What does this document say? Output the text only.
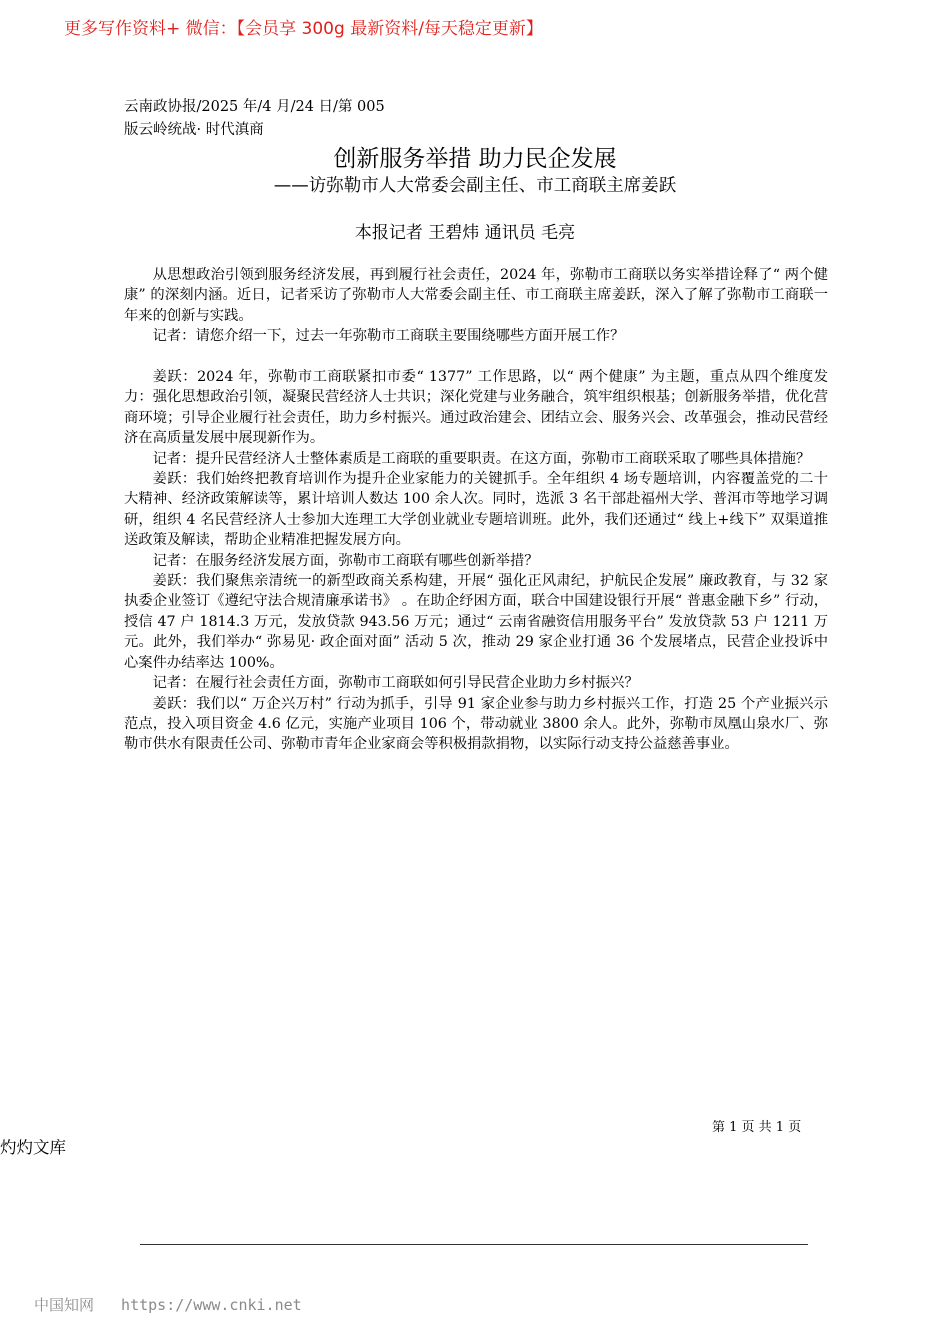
更多写作资料+ 微信：【会员享 300g 最新资料/每天稳定更新】
云南政协报/2025 年/4 月/24 日/第 005
版云岭统战· 时代滇商
创新服务举措 助力民企发展
——访弥勒市人大常委会副主任、市工商联主席姜跃
本报记者 王碧炜 通讯员 毛亮

从思想政治引领到服务经济发展，再到履行社会责任，2024 年，弥勒市工商联以务实举措诠释了“ 两个健康” 的深刻内涵。近日，记者采访了弥勒市人大常委会副主任、市工商联主席姜跃，深入了解了弥勒市工商联一年来的创新与实践。

记者：请您介绍一下，过去一年弥勒市工商联主要围绕哪些方面开展工作？

姜跃：2024 年，弥勒市工商联紧扣市委“ 1377” 工作思路，以“ 两个健康” 为主题，重点从四个维度发力：强化思想政治引领，凝聚民营经济人士共识；深化党建与业务融合，筑牢组织根基；创新服务举措，优化营商环境；引导企业履行社会责任，助力乡村振兴。通过政治建会、团结立会、服务兴会、改革强会，推动民营经济在高质量发展中展现新作为。

记者：提升民营经济人士整体素质是工商联的重要职责。在这方面，弥勒市工商联采取了哪些具体措施？

姜跃：我们始终把教育培训作为提升企业家能力的关键抓手。全年组织 4 场专题培训，内容覆盖党的二十大精神、经济政策解读等，累计培训人数达 100 余人次。同时，选派 3 名干部赴福州大学、普洱市等地学习调研，组织 4 名民营经济人士参加大连理工大学创业就业专题培训班。此外，我们还通过“ 线上+线下” 双渠道推送政策及解读，帮助企业精准把握发展方向。

记者：在服务经济发展方面，弥勒市工商联有哪些创新举措？

姜跃：我们聚焦亲清统一的新型政商关系构建，开展“ 强化正风肃纪，护航民企发展” 廉政教育，与 32 家执委企业签订《遵纪守法合规清廉承诺书》 。在助企纾困方面，联合中国建设银行开展“ 普惠金融下乡” 行动，授信 47 户 1814.3 万元，发放贷款 943.56 万元；通过“ 云南省融资信用服务平台” 发放贷款 53 户 1211 万元。此外，我们举办“ 弥易见· 政企面对面” 活动 5 次，推动 29 家企业打通 36 个发展堵点，民营企业投诉中心案件办结率达 100%。

记者：在履行社会责任方面，弥勒市工商联如何引导民营企业助力乡村振兴？

姜跃：我们以“ 万企兴万村” 行动为抓手，引导 91 家企业参与助力乡村振兴工作，打造 25 个产业振兴示范点，投入项目资金 4.6 亿元，实施产业项目 106 个，带动就业 3800 余人。此外，弥勒市凤凰山泉水厂、弥勒市供水有限责任公司、弥勒市青年企业家商会等积极捐款捐物，以实际行动支持公益慈善事业。

第 1 页 共 1 页
灼灼文库
中国知网 https://www.cnki.net
